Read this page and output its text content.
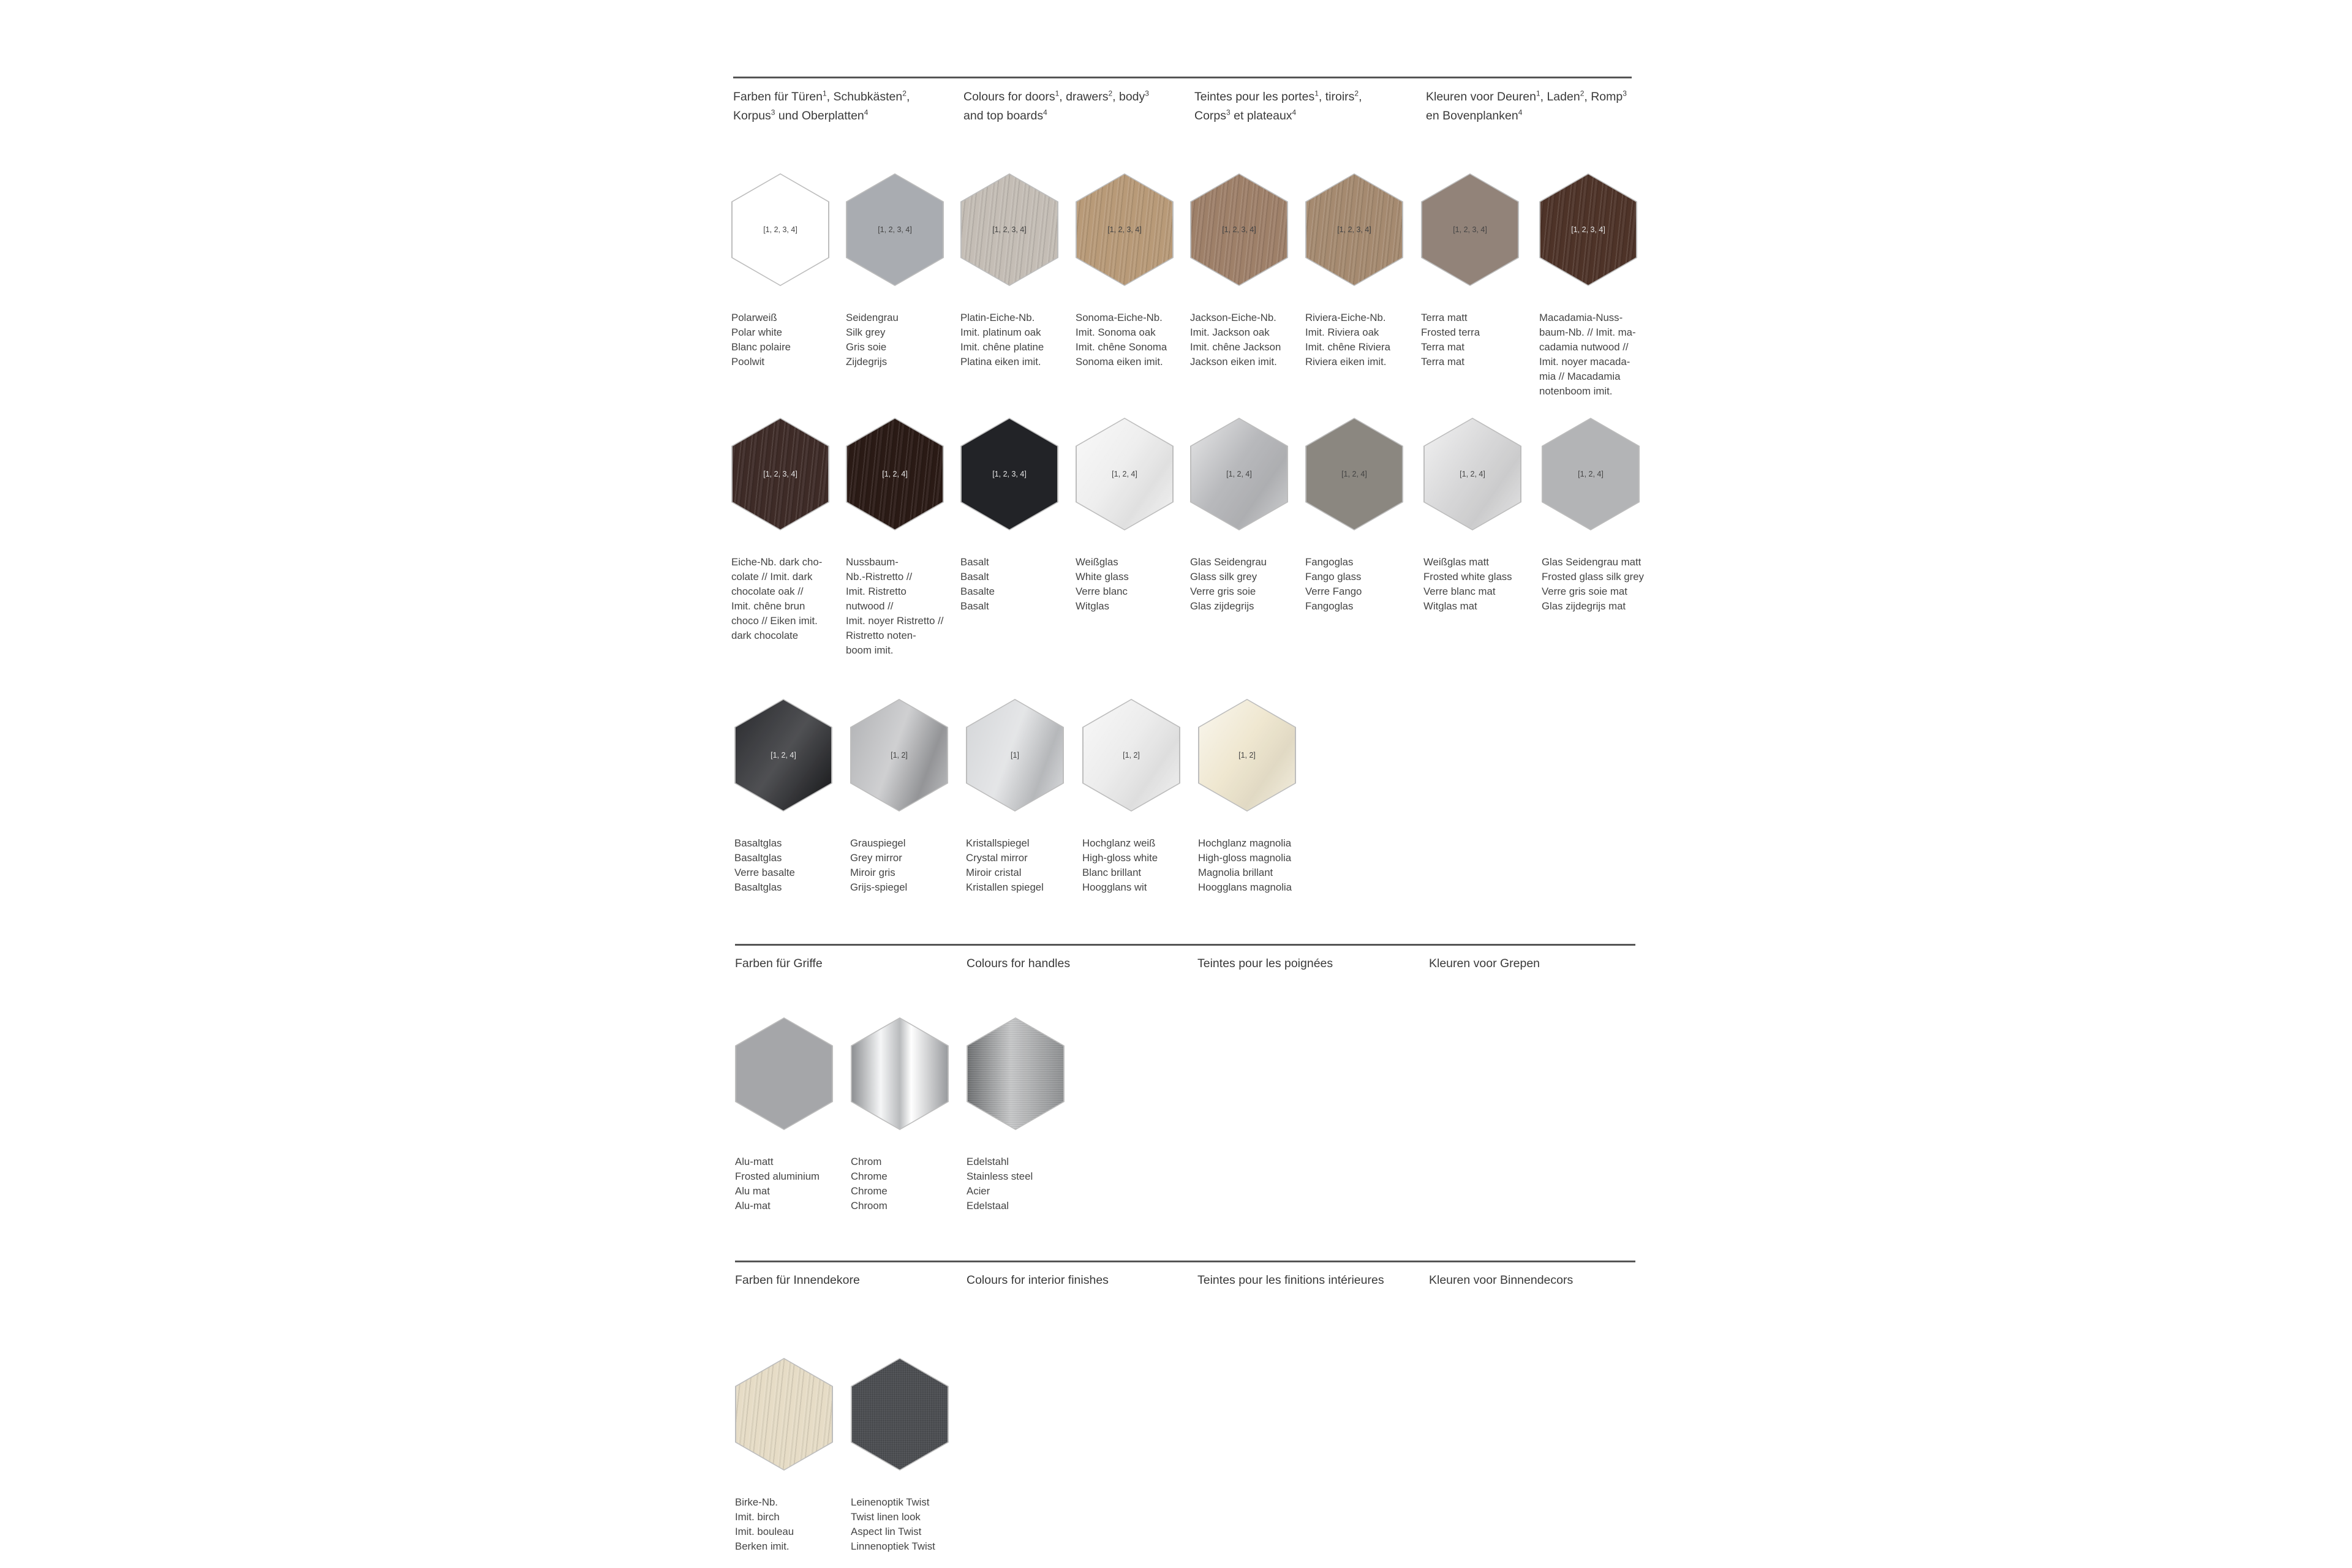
Farben für Türen$^1$, Schubkästen$^2$,
Korpus$^3$ und Oberplatten$^4$
Colours for doors$^1$, drawers$^2$, body$^3$
and top boards$^4$
Teintes pour les portes$^1$, tiroirs$^2$,
Corps$^3$ et plateaux$^4$
Kleuren voor Deuren$^1$, Laden$^2$, Romp$^3$
en Bovenplanken$^4$
[1, 2, 3, 4]
Polarweiß
Polar white
Blanc polaire
Poolwit
[1, 2, 3, 4]
Seidengrau
Silk grey
Gris soie
Zijdegrijs
[1, 2, 3, 4]
Platin-Eiche-Nb.
Imit. platinum oak
Imit. chêne platine
Platina eiken imit.
[1, 2, 3, 4]
Sonoma-Eiche-Nb.
Imit. Sonoma oak
Imit. chêne Sonoma
Sonoma eiken imit.
[1, 2, 3, 4]
Jackson-Eiche-Nb.
Imit. Jackson oak
Imit. chêne Jackson
Jackson eiken imit.
[1, 2, 3, 4]
Riviera-Eiche-Nb.
Imit. Riviera oak
Imit. chêne Riviera
Riviera eiken imit.
[1, 2, 3, 4]
Terra matt
Frosted terra
Terra mat
Terra mat
[1, 2, 3, 4]
Macadamia-Nuss-
baum-Nb. // Imit. ma-
cadamia nutwood //
Imit. noyer macada-
mia // Macadamia
notenboom imit.
[1, 2, 3, 4]
Eiche-Nb. dark cho-
colate // Imit. dark
chocolate oak //
Imit. chêne brun
choco // Eiken imit.
dark chocolate
[1, 2, 4]
Nussbaum-
Nb.-Ristretto //
Imit. Ristretto
nutwood //
Imit. noyer Ristretto //
Ristretto noten-
boom imit.
[1, 2, 3, 4]
Basalt
Basalt
Basalte
Basalt
[1, 2, 4]
Weißglas
White glass
Verre blanc
Witglas
[1, 2, 4]
Glas Seidengrau
Glass silk grey
Verre gris soie
Glas zijdegrijs
[1, 2, 4]
Fangoglas
Fango glass
Verre Fango
Fangoglas
[1, 2, 4]
Weißglas matt
Frosted white glass
Verre blanc mat
Witglas mat
[1, 2, 4]
Glas Seidengrau matt
Frosted glass silk grey
Verre gris soie mat
Glas zijdegrijs mat
[1, 2, 4]
Basaltglas
Basaltglas
Verre basalte
Basaltglas
[1, 2]
Grauspiegel
Grey mirror
Miroir gris
Grijs-spiegel
[1]
Kristallspiegel
Crystal mirror
Miroir cristal
Kristallen spiegel
[1, 2]
Hochglanz weiß
High-gloss white
Blanc brillant
Hoogglans wit
[1, 2]
Hochglanz magnolia
High-gloss magnolia
Magnolia brillant
Hoogglans magnolia
Farben für Griffe	Colours for handles	Teintes pour les poignées	Kleuren voor Grepen
Alu-matt
Frosted aluminium
Alu mat
Alu-mat
Chrom
Chrome
Chrome
Chroom
Edelstahl
Stainless steel
Acier
Edelstaal
Farben für Innendekore	Colours for interior finishes	Teintes pour les finitions intérieures	Kleuren voor Binnendecors
Birke-Nb.
Imit. birch
Imit. bouleau
Berken imit.
Leinenoptik Twist
Twist linen look
Aspect lin Twist
Linnenoptiek Twist
